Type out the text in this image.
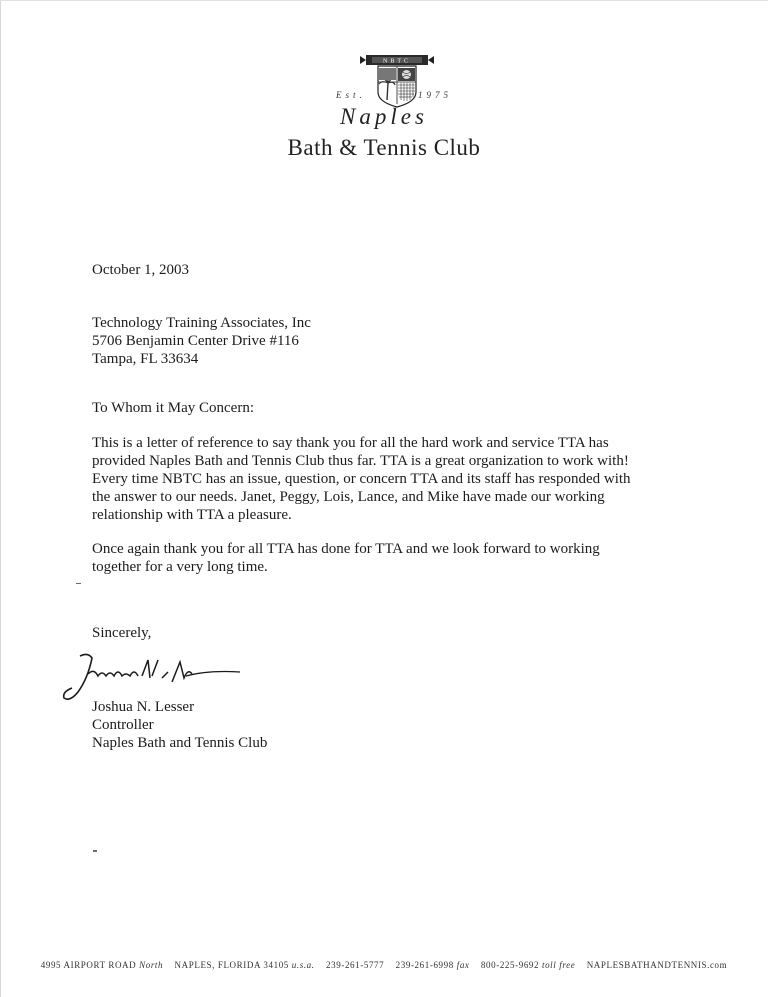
NBTC
Est.	1975
Naples
Bath & Tennis Club
October 1, 2003
Technology Training Associates, Inc
5706 Benjamin Center Drive #116
Tampa, FL 33634
To Whom it May Concern:
This is a letter of reference to say thank you for all the hard work and service TTA has
provided Naples Bath and Tennis Club thus far. TTA is a great organization to work with!
Every time NBTC has an issue, question, or concern TTA and its staff has responded with
the answer to our needs. Janet, Peggy, Lois, Lance, and Mike have made our working
relationship with TTA a pleasure.
Once again thank you for all TTA has done for TTA and we look forward to working
together for a very long time.
Sincerely,
Joshua N. Lesser
Controller
Naples Bath and Tennis Club
4995 AIRPORT ROAD North NAPLES, FLORIDA 34105 u.s.a. 239-261-5777 239-261-6998 fax 800-225-9692 toll free NAPLESBATHANDTENNIS.com
